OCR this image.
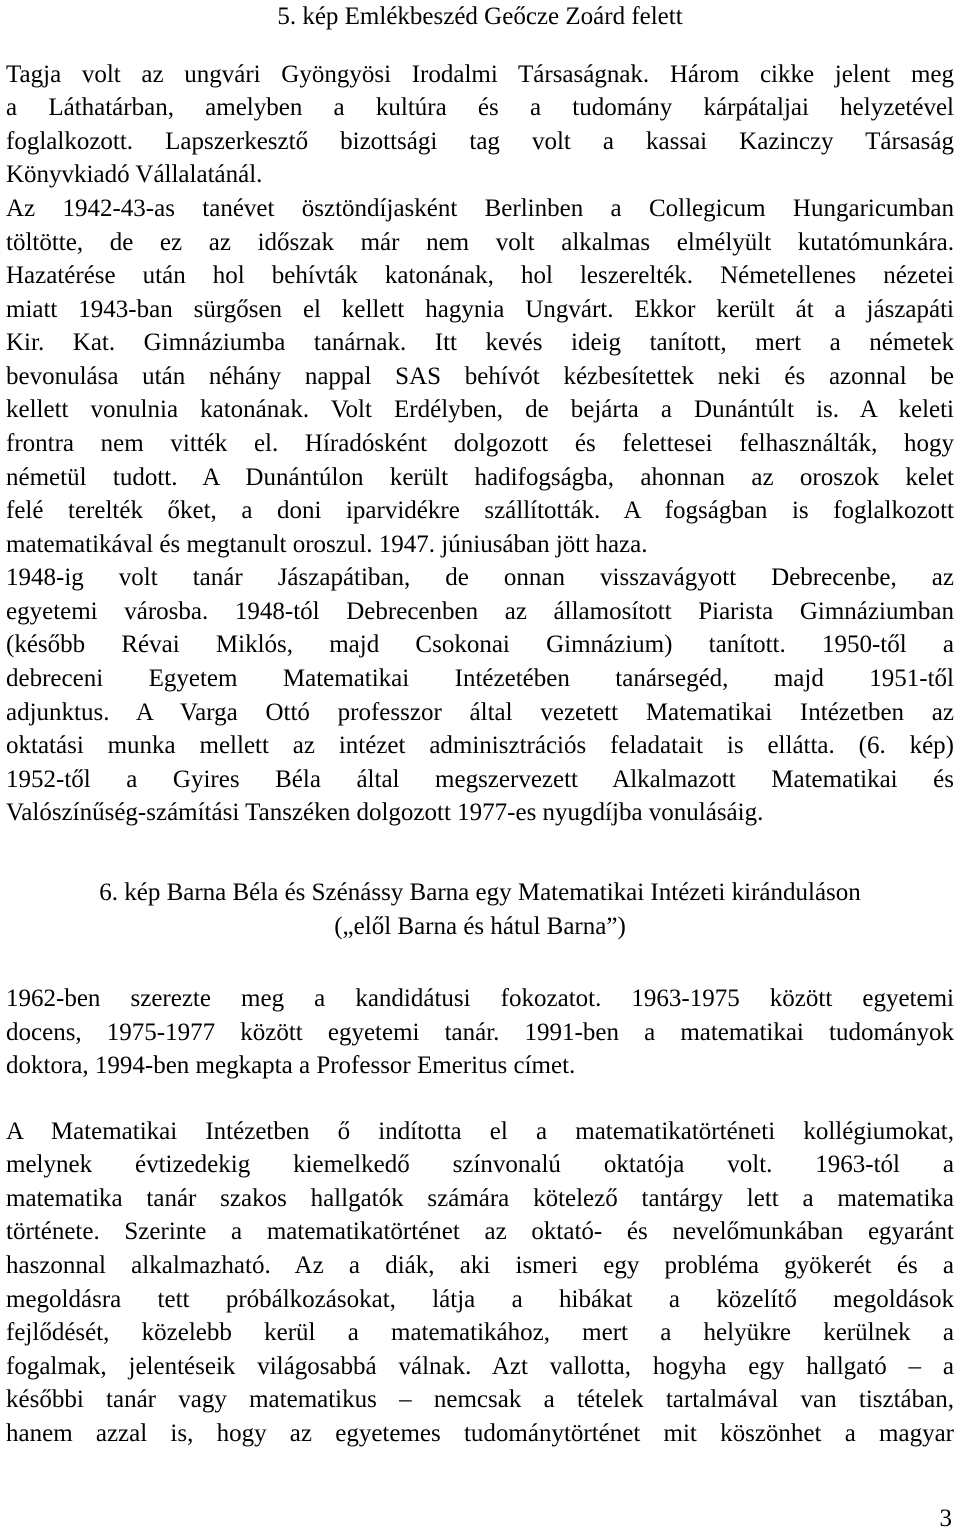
5. kép Emlékbeszéd Geőcze Zoárd felett
Tagja volt az ungvári Gyöngyösi Irodalmi Társaságnak. Három cikke jelent meg
a Láthatárban, amelyben a kultúra és a tudomány kárpátaljai helyzetével
foglalkozott. Lapszerkesztő bizottsági tag volt a kassai Kazinczy Társaság
Könyvkiadó Vállalatánál.
Az 1942-43-as tanévet ösztöndíjasként Berlinben a Collegicum Hungaricumban
töltötte, de ez az időszak már nem volt alkalmas elmélyült kutatómunkára.
Hazatérése után hol behívták katonának, hol leszerelték. Németellenes nézetei
miatt 1943-ban sürgősen el kellett hagynia Ungvárt. Ekkor került át a jászapáti
Kir. Kat. Gimnáziumba tanárnak. Itt kevés ideig tanított, mert a németek
bevonulása után néhány nappal SAS behívót kézbesítettek neki és azonnal be
kellett vonulnia katonának. Volt Erdélyben, de bejárta a Dunántúlt is. A keleti
frontra nem vitték el. Híradósként dolgozott és felettesei felhasználták, hogy
németül tudott. A Dunántúlon került hadifogságba, ahonnan az oroszok kelet
felé terelték őket, a doni iparvidékre szállították. A fogságban is foglalkozott
matematikával és megtanult oroszul. 1947. júniusában jött haza.
1948-ig volt tanár Jászapátiban, de onnan visszavágyott Debrecenbe, az
egyetemi városba. 1948-tól Debrecenben az államosított Piarista Gimnáziumban
(később Révai Miklós, majd Csokonai Gimnázium) tanított. 1950-től a
debreceni Egyetem Matematikai Intézetében tanársegéd, majd 1951-től
adjunktus. A Varga Ottó professzor által vezetett Matematikai Intézetben az
oktatási munka mellett az intézet adminisztrációs feladatait is ellátta. (6. kép)
1952-től a Gyires Béla által megszervezett Alkalmazott Matematikai és
Valószínűség-számítási Tanszéken dolgozott 1977-es nyugdíjba vonulásáig.
6. kép Barna Béla és Szénássy Barna egy Matematikai Intézeti kiránduláson
(„elől Barna és hátul Barna”)
1962-ben szerezte meg a kandidátusi fokozatot. 1963-1975 között egyetemi
docens, 1975-1977 között egyetemi tanár. 1991-ben a matematikai tudományok
doktora, 1994-ben megkapta a Professor Emeritus címet.
A Matematikai Intézetben ő indította el a matematikatörténeti kollégiumokat,
melynek évtizedekig kiemelkedő színvonalú oktatója volt. 1963-tól a
matematika tanár szakos hallgatók számára kötelező tantárgy lett a matematika
története. Szerinte a matematikatörténet az oktató- és nevelőmunkában egyaránt
haszonnal alkalmazható. Az a diák, aki ismeri egy probléma gyökerét és a
megoldásra tett próbálkozásokat, látja a hibákat a közelítő megoldások
fejlődését, közelebb kerül a matematikához, mert a helyükre kerülnek a
fogalmak, jelentéseik világosabbá válnak. Azt vallotta, hogyha egy hallgató – a
későbbi tanár vagy matematikus – nemcsak a tételek tartalmával van tisztában,
hanem azzal is, hogy az egyetemes tudománytörténet mit köszönhet a magyar
3
